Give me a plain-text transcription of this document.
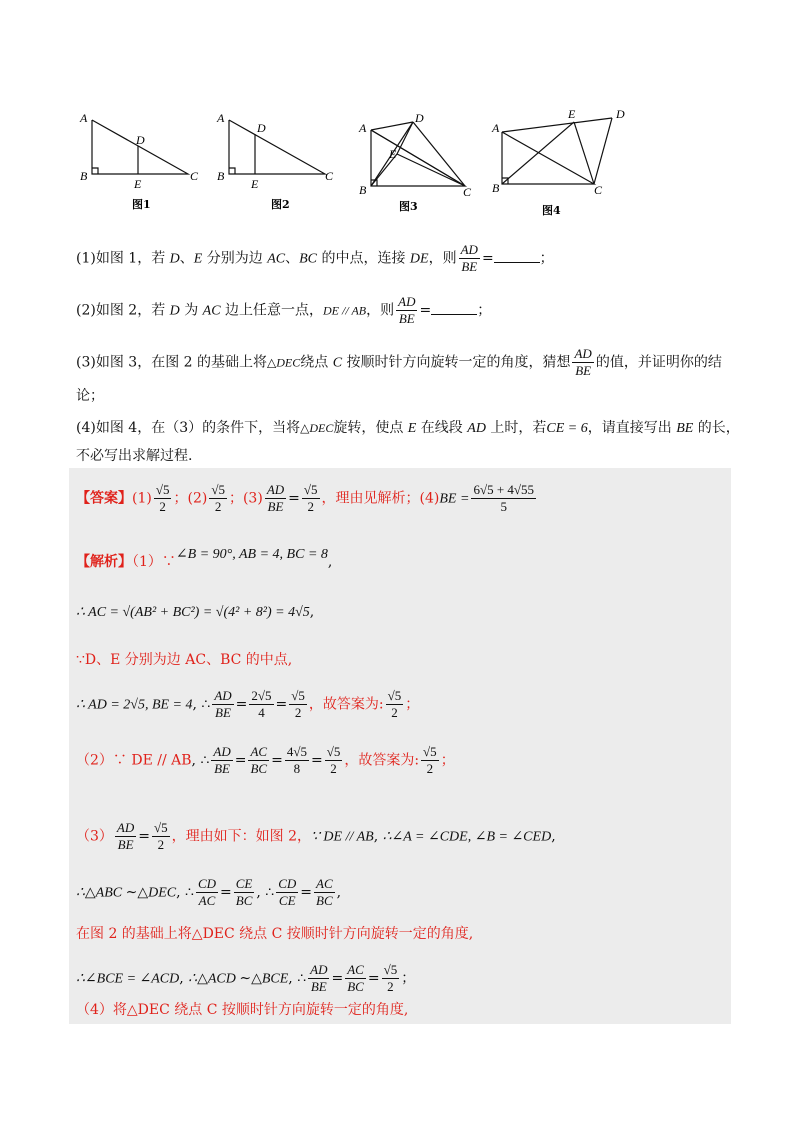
A
B	C
D
E
图1
A
B	C
D
E
图2
A
B	C
D
E
图3
A
B	C
D
E
图4
(1)如图 1，若 D、E 分别为边 AC、BC 的中点，连接 DE，则 $\frac{AD}{BE}$ =	；
(2)如图 2，若 D 为 AC 边上任意一点，DE // AB，则 $\frac{AD}{BE}$ =	；
(3)如图 3，在图 2 的基础上将△DEC绕点 C 按顺时针方向旋转一定的角度，猜想 $\frac{AD}{BE}$ 的值，并证明你的结
论；
(4)如图 4，在（3）的条件下，当将△DEC旋转，使点 E 在线段 AD 上时，若CE = 6，请直接写出 BE 的长，
不必写出求解过程.
【答案】$(1) \frac{√5}{2}$ ；$(2) \frac{√5}{2}$ ；$(3) \frac{AD}{BE} = \frac{√5}{2}$ ，理由见解析；$(4)BE = \frac{6√5 + 4√55}{5}$
【解析】（1）∵∠B = 90°, AB = 4, BC = 8,
∴ AC = √(AB² + BC²) = √(4² + 8²) = 4√5,
∵D、E 分别为边 AC、BC 的中点,
∴ AD = 2√5, BE = 4, ∴ $\frac{AD}{BE} = \frac{2√5}{4} = \frac{√5}{2}$ ，故答案为: $\frac{√5}{2}$ ；
（2）∵ DE // AB, ∴ $\frac{AD}{BE} = \frac{AC}{BC} = \frac{4√5}{8} = \frac{√5}{2}$ ，故答案为: $\frac{√5}{2}$ ；
$(3) \frac{AD}{BE} = \frac{√5}{2}$ ，理由如下：如图 2，∵ DE // AB, ∴∠A = ∠CDE, ∠B = ∠CED,
∴△ABC ∼△DEC, ∴ $\frac{CD}{AC} = \frac{CE}{BC}$ , ∴ $\frac{CD}{CE} = \frac{AC}{BC}$ ,
在图 2 的基础上将△DEC 绕点 C 按顺时针方向旋转一定的角度,
∴∠BCE = ∠ACD, ∴△ACD ∼△BCE, ∴ $\frac{AD}{BE} = \frac{AC}{BC} = \frac{√5}{2}$ ；
（4）将△DEC 绕点 C 按顺时针方向旋转一定的角度,
